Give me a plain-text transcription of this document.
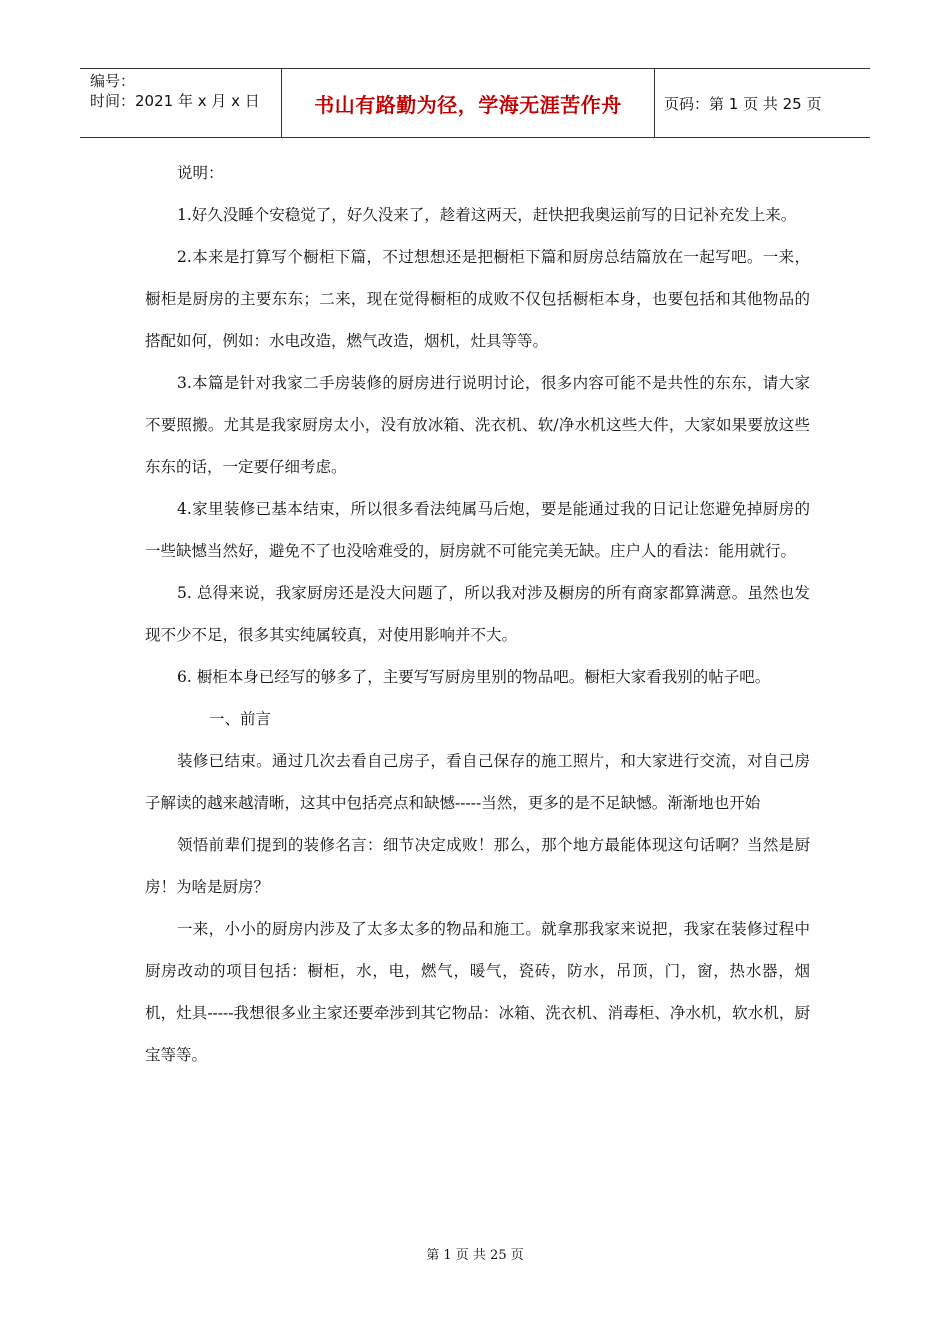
编号：
时间：2021 年 x 月 x 日	书山有路勤为径，学海无涯苦作舟	页码：第 1 页 共 25 页

说明：

1.好久没睡个安稳觉了，好久没来了，趁着这两天，赶快把我奥运前写的日记补充发上来。

2.本来是打算写个橱柜下篇，不过想想还是把橱柜下篇和厨房总结篇放在一起写吧。一来，橱柜是厨房的主要东东；二来，现在觉得橱柜的成败不仅包括橱柜本身，也要包括和其他物品的搭配如何，例如：水电改造，燃气改造，烟机，灶具等等。

3.本篇是针对我家二手房装修的厨房进行说明讨论，很多内容可能不是共性的东东，请大家不要照搬。尤其是我家厨房太小，没有放冰箱、洗衣机、软/净水机这些大件，大家如果要放这些东东的话，一定要仔细考虑。

4.家里装修已基本结束，所以很多看法纯属马后炮，要是能通过我的日记让您避免掉厨房的一些缺憾当然好，避免不了也没啥难受的，厨房就不可能完美无缺。庄户人的看法：能用就行。

5. 总得来说，我家厨房还是没大问题了，所以我对涉及橱房的所有商家都算满意。虽然也发现不少不足，很多其实纯属较真，对使用影响并不大。

6. 橱柜本身已经写的够多了，主要写写厨房里别的物品吧。橱柜大家看我别的帖子吧。

一、前言

装修已结束。通过几次去看自己房子，看自己保存的施工照片，和大家进行交流，对自己房子解读的越来越清晰，这其中包括亮点和缺憾-----当然，更多的是不足缺憾。渐渐地也开始

领悟前辈们提到的装修名言：细节决定成败！那么，那个地方最能体现这句话啊？当然是厨房！为啥是厨房？

一来，小小的厨房内涉及了太多太多的物品和施工。就拿那我家来说把，我家在装修过程中厨房改动的项目包括：橱柜，水，电，燃气，暖气，瓷砖，防水，吊顶，门，窗，热水器，烟机，灶具-----我想很多业主家还要牵涉到其它物品：冰箱、洗衣机、消毒柜、净水机，软水机，厨宝等等。

第 1 页 共 25 页
